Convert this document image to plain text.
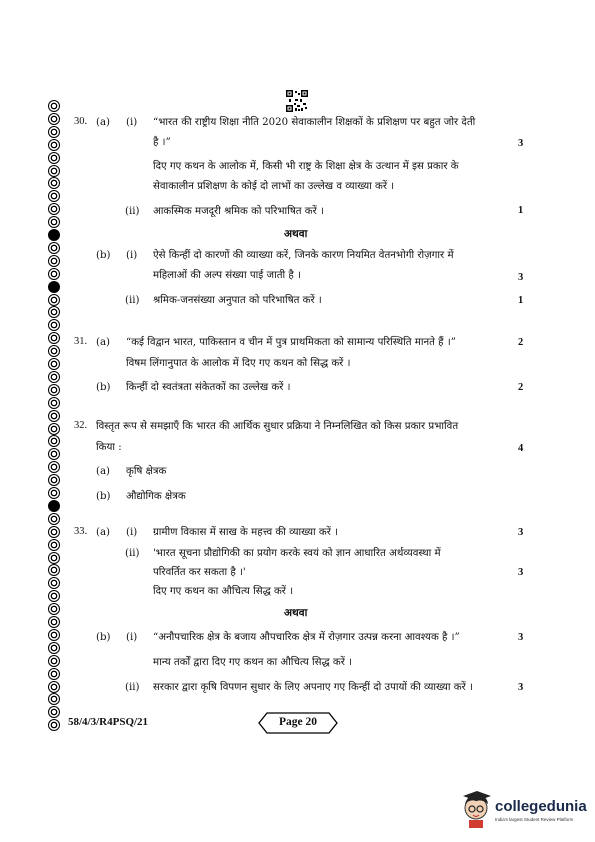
30. (a) (i) “भारत की राष्ट्रीय शिक्षा नीति 2020 सेवाकालीन शिक्षकों के प्रशिक्षण पर बहुत जोर देती
है ।”	3
दिए गए कथन के आलोक में, किसी भी राष्ट्र के शिक्षा क्षेत्र के उत्थान में इस प्रकार के
सेवाकालीन प्रशिक्षण के कोई दो लाभों का उल्लेख व व्याख्या करें ।
(ii) आकस्मिक मजदूरी श्रमिक को परिभाषित करें ।	1
अथवा
(b) (i) ऐसे किन्हीं दो कारणों की व्याख्या करें, जिनके कारण नियमित वेतनभोगी रोज़गार में
महिलाओं की अल्प संख्या पाई जाती है ।	3
(ii) श्रमिक-जनसंख्या अनुपात को परिभाषित करें ।	1
31. (a) “कई विद्वान भारत, पाकिस्तान व चीन में पुत्र प्राथमिकता को सामान्य परिस्थिति मानते हैं ।”	2
विषम लिंगानुपात के आलोक में दिए गए कथन को सिद्ध करें ।
(b) किन्हीं दो स्वतंत्रता संकेतकों का उल्लेख करें ।	2
32. विस्तृत रूप से समझाएँ कि भारत की आर्थिक सुधार प्रक्रिया ने निम्नलिखित को किस प्रकार प्रभावित
किया :	4
(a) कृषि क्षेत्रक
(b) औद्योगिक क्षेत्रक
33. (a) (i) ग्रामीण विकास में साख के महत्त्व की व्याख्या करें ।	3
(ii) 'भारत सूचना प्रौद्योगिकी का प्रयोग करके स्वयं को ज्ञान आधारित अर्थव्यवस्था में
परिवर्तित कर सकता है ।'	3
दिए गए कथन का औचित्य सिद्ध करें ।
अथवा
(b) (i) “अनौपचारिक क्षेत्र के बजाय औपचारिक क्षेत्र में रोज़गार उत्पन्न करना आवश्यक है ।”	3
मान्य तर्कों द्वारा दिए गए कथन का औचित्य सिद्ध करें ।
(ii) सरकार द्वारा कृषि विपणन सुधार के लिए अपनाए गए किन्हीं दो उपायों की व्याख्या करें ।	3
58/4/3/R4PSQ/21	Page 20
collegedunia
India's largest Student Review Platform
